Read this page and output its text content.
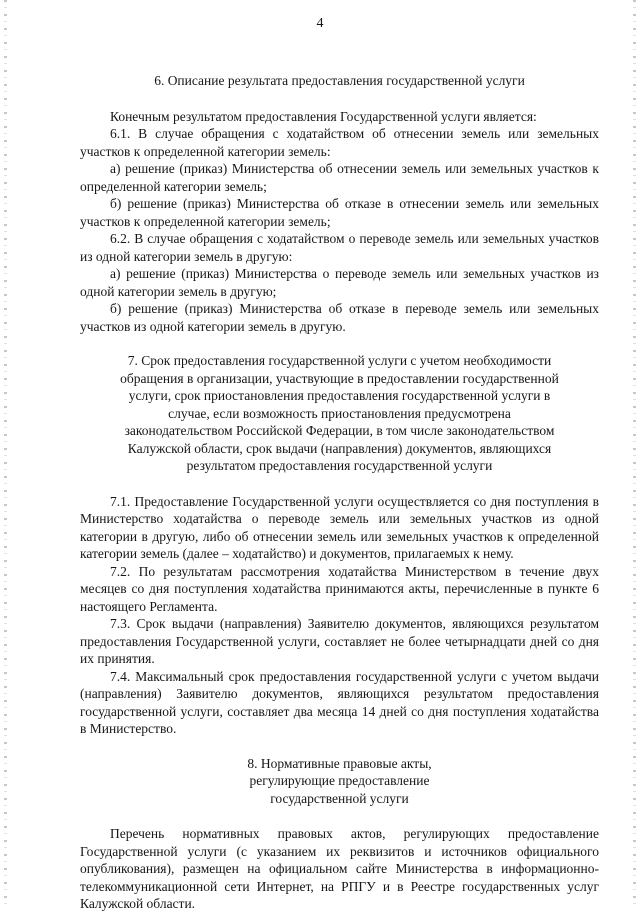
4
6. Описание результата предоставления государственной услуги

Конечным результатом предоставления Государственной услуги является:

6.1. В случае обращения с ходатайством об отнесении земель или земельных участков к определенной категории земель:

а) решение (приказ) Министерства об отнесении земель или земельных участков к определенной категории земель;

б) решение (приказ) Министерства об отказе в отнесении земель или земельных участков к определенной категории земель;

6.2. В случае обращения с ходатайством о переводе земель или земельных участков из одной категории земель в другую:

а) решение (приказ) Министерства о переводе земель или земельных участков из одной категории земель в другую;

б) решение (приказ) Министерства об отказе в переводе земель или земельных участков из одной категории земель в другую.

7. Срок предоставления государственной услуги с учетом необходимости обращения в организации, участвующие в предоставлении государственной услуги, срок приостановления предоставления государственной услуги в случае, если возможность приостановления предусмотрена законодательством Российской Федерации, в том числе законодательством Калужской области, срок выдачи (направления) документов, являющихся результатом предоставления государственной услуги

7.1. Предоставление Государственной услуги осуществляется со дня поступления в Министерство ходатайства о переводе земель или земельных участков из одной категории в другую, либо об отнесении земель или земельных участков к определенной категории земель (далее – ходатайство) и документов, прилагаемых к нему.

7.2. По результатам рассмотрения ходатайства Министерством в течение двух месяцев со дня поступления ходатайства принимаются акты, перечисленные в пункте 6 настоящего Регламента.

7.3. Срок выдачи (направления) Заявителю документов, являющихся результатом предоставления Государственной услуги, составляет не более четырнадцати дней со дня их принятия.

7.4. Максимальный срок предоставления государственной услуги с учетом выдачи (направления) Заявителю документов, являющихся результатом предоставления государственной услуги, составляет два месяца 14 дней со дня поступления ходатайства в Министерство.

8. Нормативные правовые акты, регулирующие предоставление государственной услуги

Перечень нормативных правовых актов, регулирующих предоставление Государственной услуги (с указанием их реквизитов и источников официального опубликования), размещен на официальном сайте Министерства в информационно-телекоммуникационной сети Интернет, на РПГУ и в Реестре государственных услуг Калужской области.
